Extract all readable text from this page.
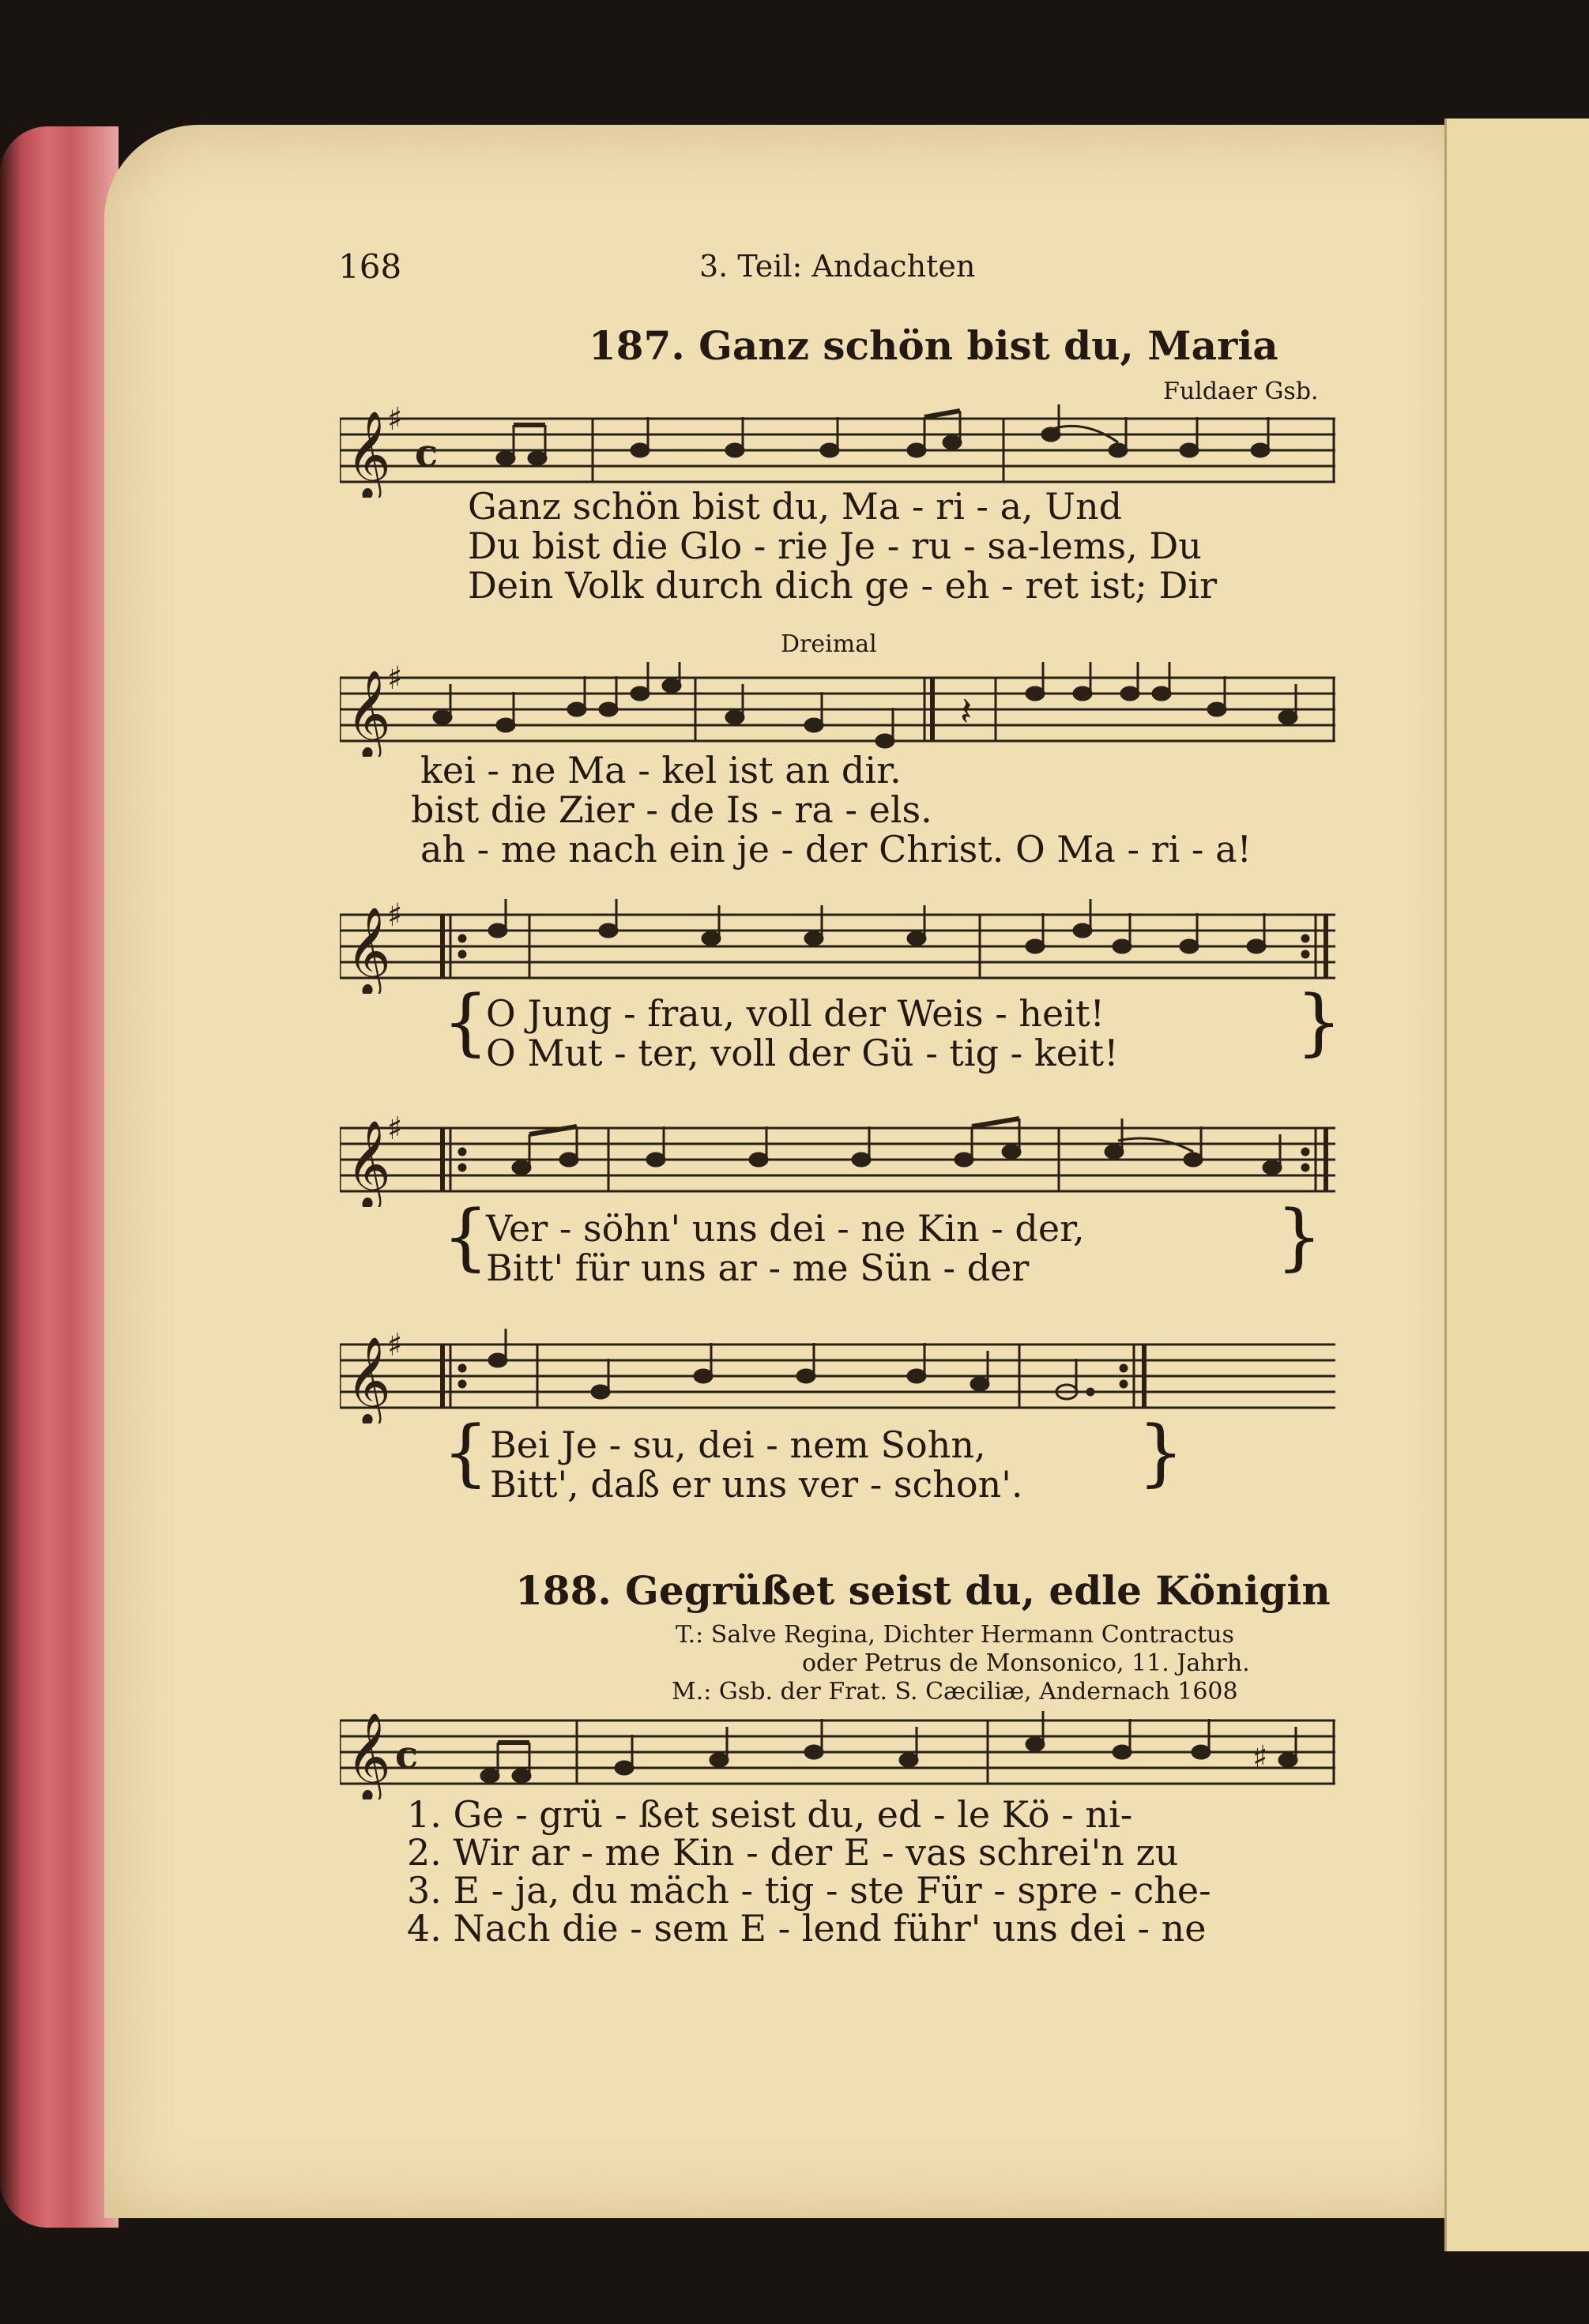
168	3. Teil: Andachten
187. Ganz schön bist du, Maria
Fuldaer Gsb.
𝄞
♯
c
Ganz schön bist du, Ma - ri - a, Und
Du bist die Glo - rie Je - ru - sa-lems, Du
Dein Volk durch dich ge - eh - ret ist; Dir
Dreimal
𝄞
♯
𝄽
kei - ne Ma - kel ist an dir.
bist die Zier - de Is - ra - els.
ah - me nach ein je - der Christ. O Ma - ri - a!
𝄞
♯
{
O Jung - frau, voll der Weis - heit!
O Mut - ter, voll der Gü - tig - keit! }
𝄞
♯
{
Ver - söhn' uns dei - ne Kin - der,
Bitt' für uns ar - me Sün - der	}
𝄞
♯
{ Bei Je - su, dei - nem Sohn,
Bitt', daß er uns ver - schon'. }
188. Gegrüßet seist du, edle Königin
T.: Salve Regina, Dichter Hermann Contractus
oder Petrus de Monsonico, 11. Jahrh.
M.: Gsb. der Frat. S. Cæciliæ, Andernach 1608
𝄞 c	♯
1. Ge - grü - ßet seist du, ed - le Kö - ni-
2. Wir ar - me Kin - der E - vas schrei'n zu
3. E - ja, du mäch - tig - ste Für - spre - che-
4. Nach die - sem E - lend führ' uns dei - ne
